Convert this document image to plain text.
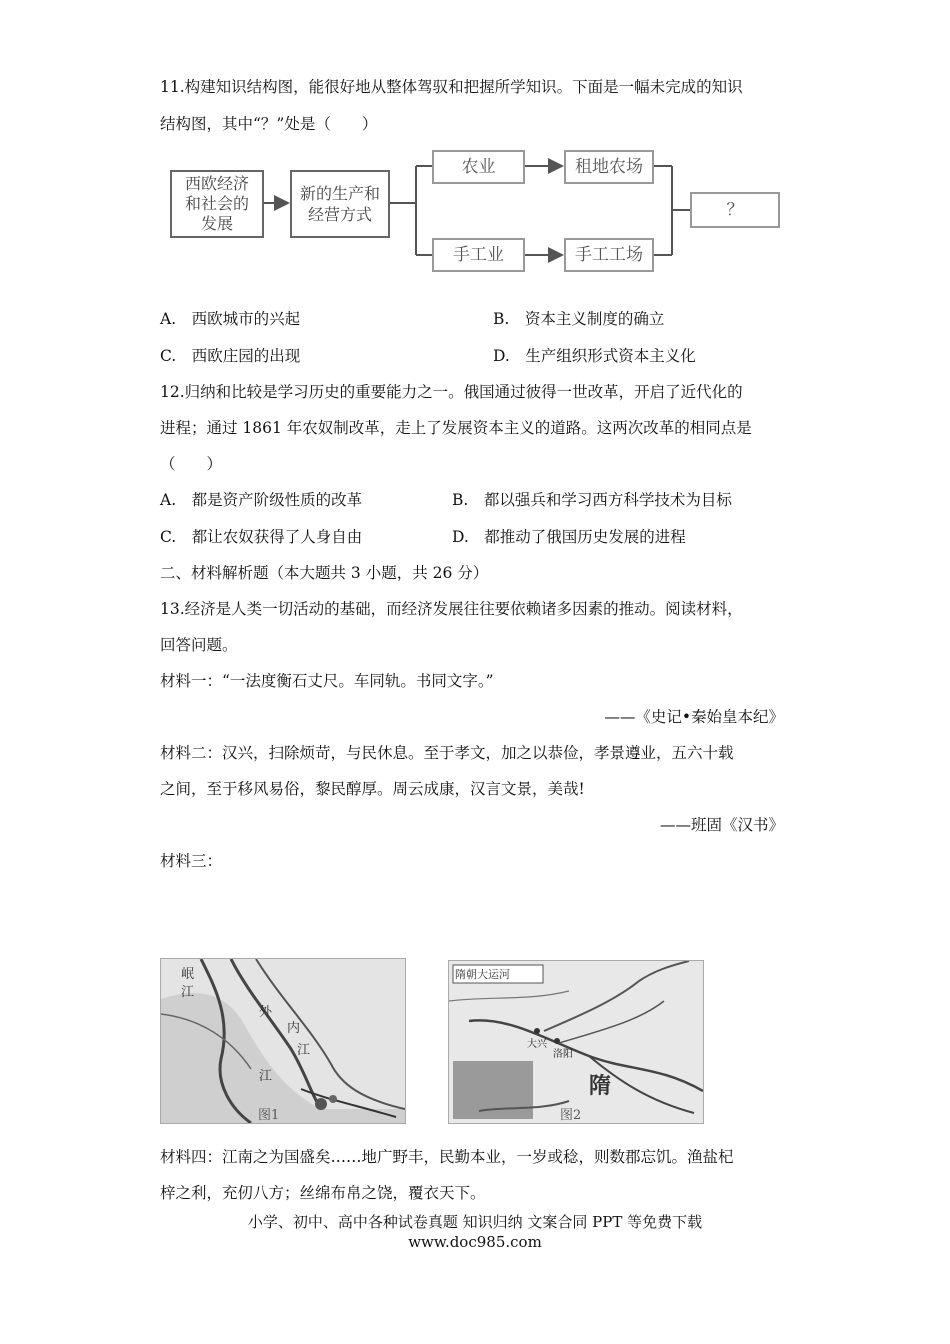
11.构建知识结构图，能很好地从整体驾驭和把握所学知识。下面是一幅未完成的知识
结构图，其中“？”处是（　　）
西欧经济
和社会的
发展
新的生产和
经营方式
农业	租地农场
手工业	手工工场
？
A.　西欧城市的兴起	B.　资本主义制度的确立
C.　西欧庄园的出现	D.　生产组织形式资本主义化
12.归纳和比较是学习历史的重要能力之一。俄国通过彼得一世改革，开启了近代化的
进程；通过 1861 年农奴制改革，走上了发展资本主义的道路。这两次改革的相同点是
（　　）
A.　都是资产阶级性质的改革	B.　都以强兵和学习西方科学技术为目标
C.　都让农奴获得了人身自由	D.　都推动了俄国历史发展的进程
二、材料解析题（本大题共 3 小题，共 26 分）
13.经济是人类一切活动的基础，而经济发展往往要依赖诸多因素的推动。阅读材料，
回答问题。
材料一：“一法度衡石丈尺。车同轨。书同文字。”
——《史记•秦始皇本纪》
材料二：汉兴，扫除烦苛，与民休息。至于孝文，加之以恭俭，孝景遵业，五六十载
之间，至于移风易俗，黎民醇厚。周云成康，汉言文景，美哉!
——班固《汉书》
材料三：
岷
江
外
内
江
江
图1
隋朝大运河
大兴
洛阳
隋
图2
材料四：江南之为国盛矣……地广野丰，民勤本业，一岁或稔，则数郡忘饥。渔盐杞
梓之利，充仞八方；丝绵布帛之饶，覆衣天下。
小学、初中、高中各种试卷真题 知识归纳 文案合同 PPT 等免费下载
www.doc985.com
